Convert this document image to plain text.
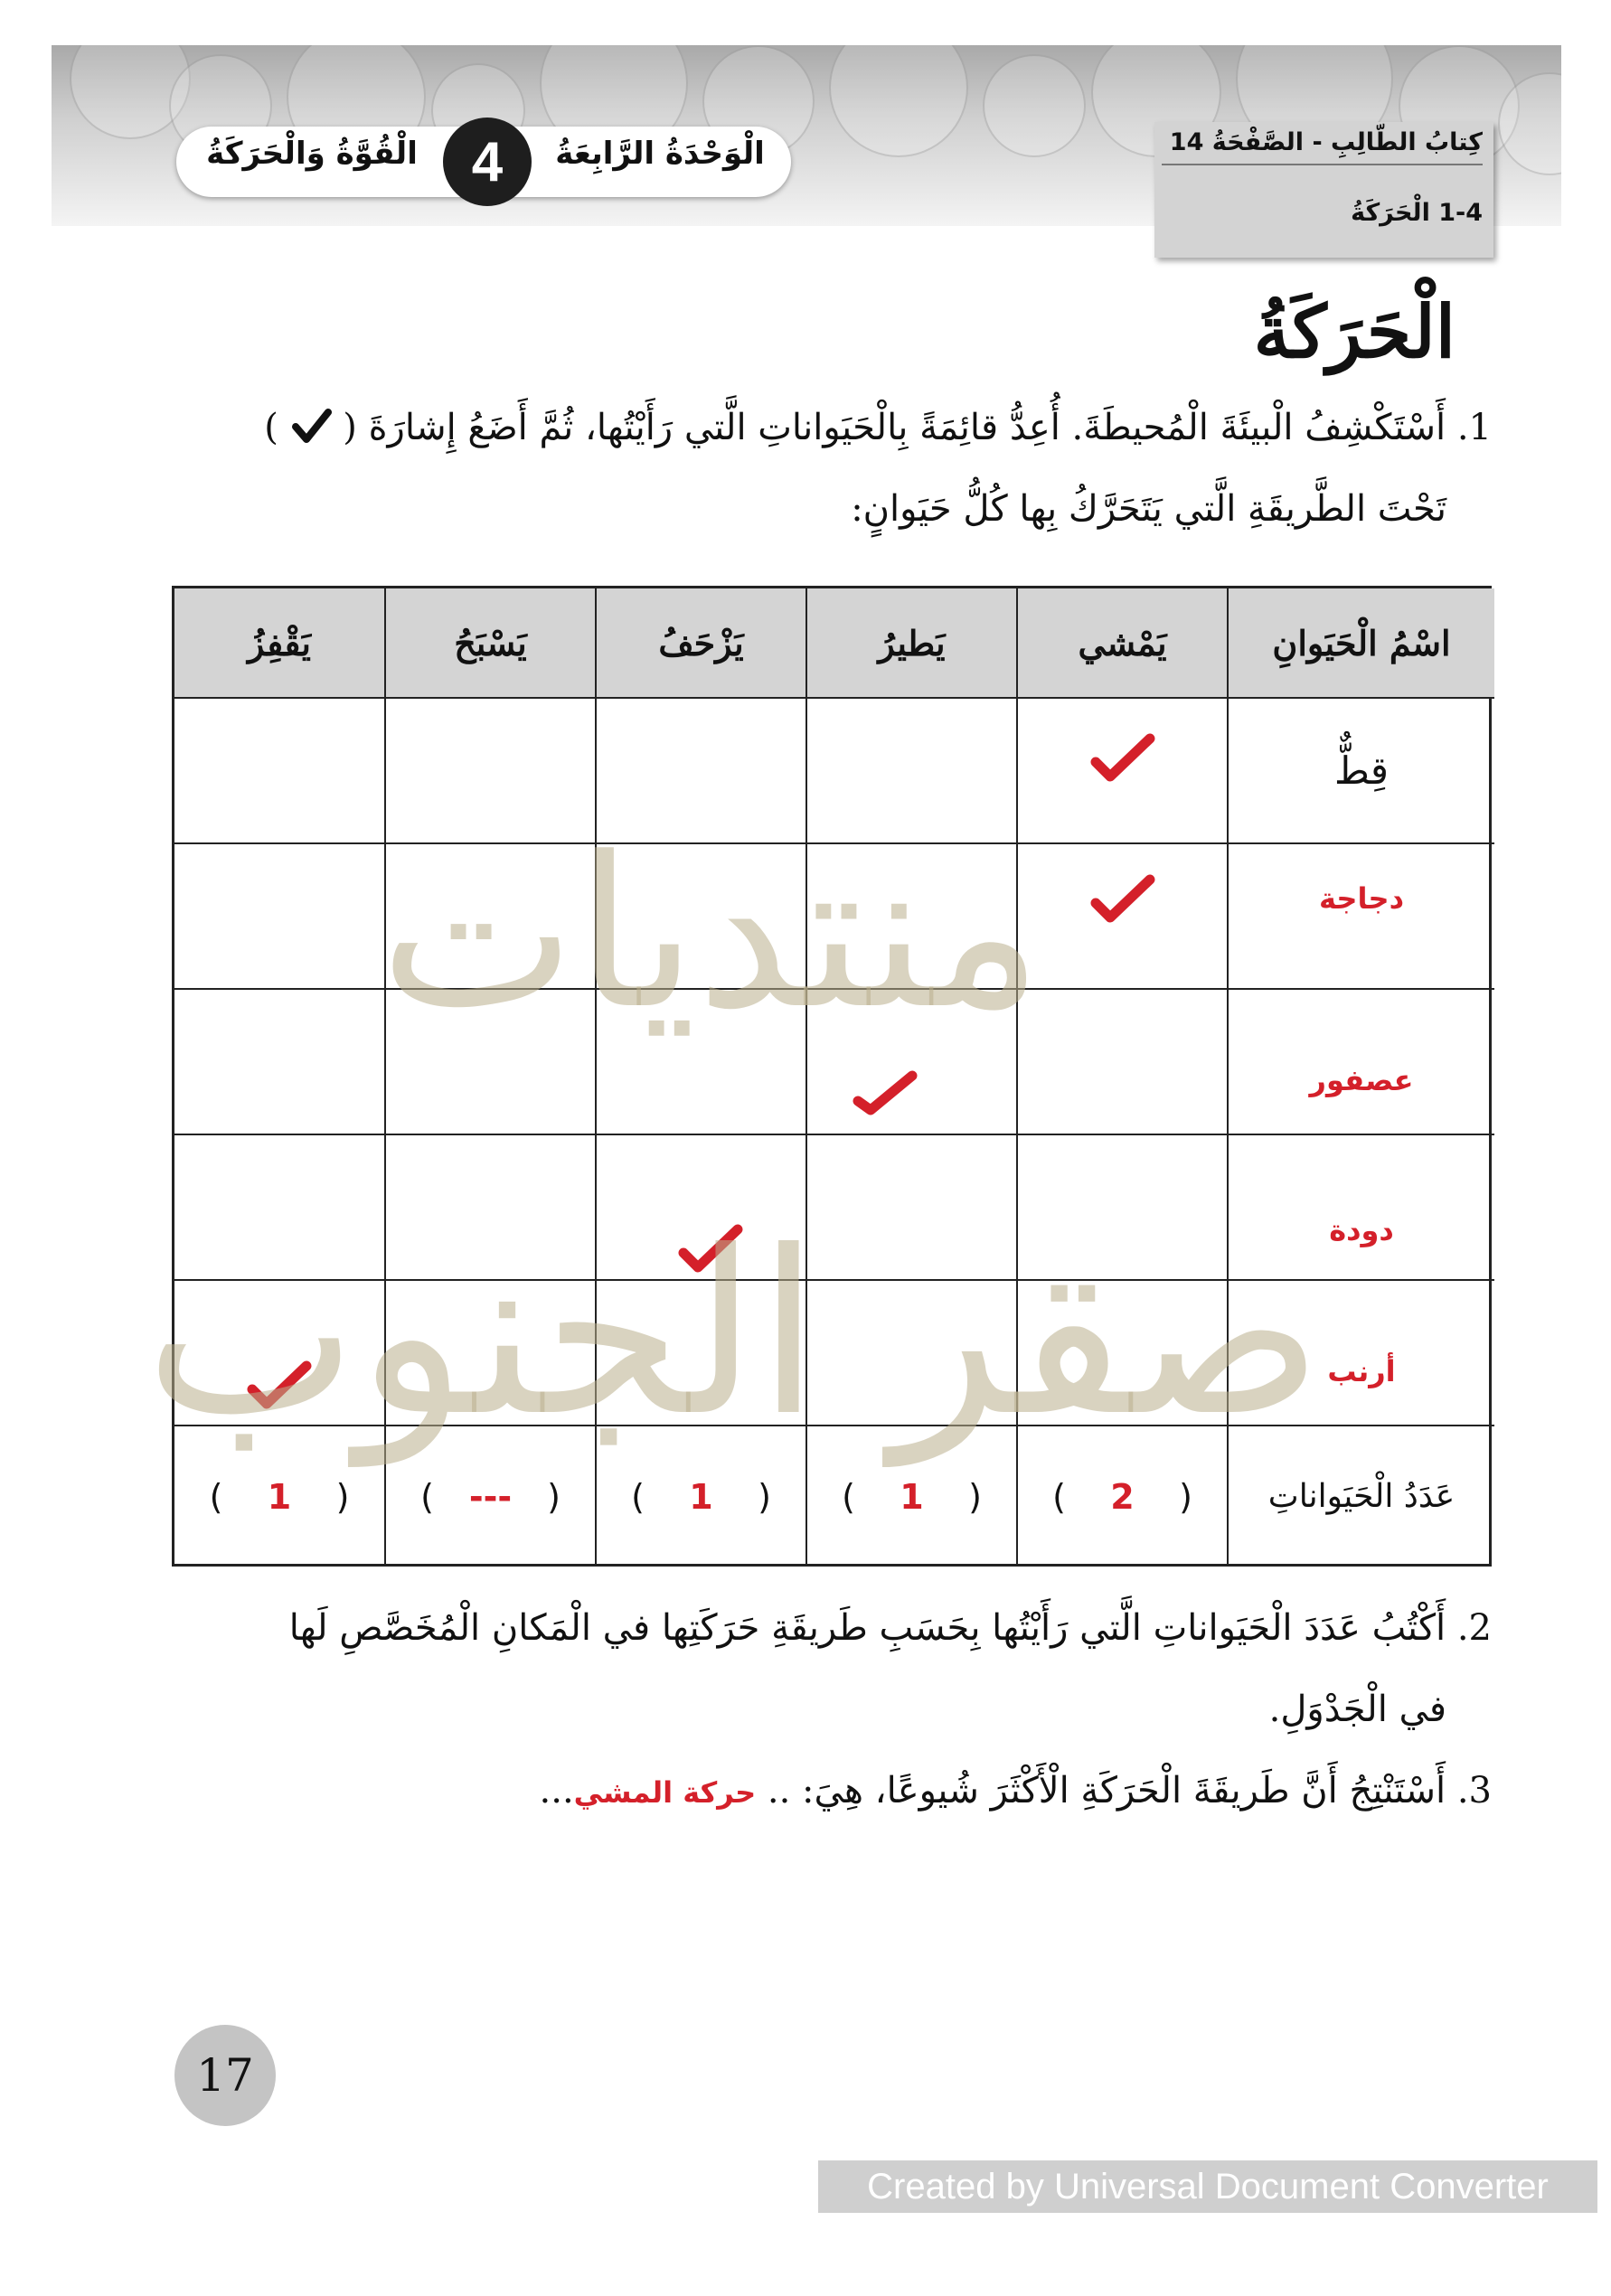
الْقُوَّةُ وَالْحَرَكَةُ 4	الْوَحْدَةُ الرَّابِعَةُ	كِتابُ الطّالِبِ - الصَّفْحَةُ 14
1-4 الْحَرَكَةُ
الْحَرَكَةُ
1. أَسْتَكْشِفُ الْبيئَةَ الْمُحيطَةَ. أُعِدُّ قائِمَةً بِالْحَيَواناتِ الَّتي رَأَيْتُها، ثُمَّ أَضَعُ إِشارَةَ (  )
تَحْتَ الطَّريقَةِ الَّتي يَتَحَرَّكُ بِها كُلُّ حَيَوانٍ:
اسْمُ الْحَيَوانِ
يَمْشي
يَطيرُ
يَزْحَفُ
يَسْبَحُ
يَقْفِزُ
قِطٌّ
دجاجة
عصفور
دودة
أرنب
عَدَدُ الْحَيَواناتِ
(
2
)
(
1
)
(
1
)
(
---
)
(
1
)
منتديات
صقر الجنوب
2. أَكْتُبُ عَدَدَ الْحَيَواناتِ الَّتي رَأَيْتُها بِحَسَبِ طَريقَةِ حَرَكَتِها في الْمَكانِ الْمُخَصَّصِ لَها
في الْجَدْوَلِ.
3. أَسْتَنْتِجُ أَنَّ طَريقَةَ الْحَرَكَةِ الْأَكْثَرَ شُيوعًا، هِيَ: .. حركة المشي...
17
Created by Universal Document Converter
